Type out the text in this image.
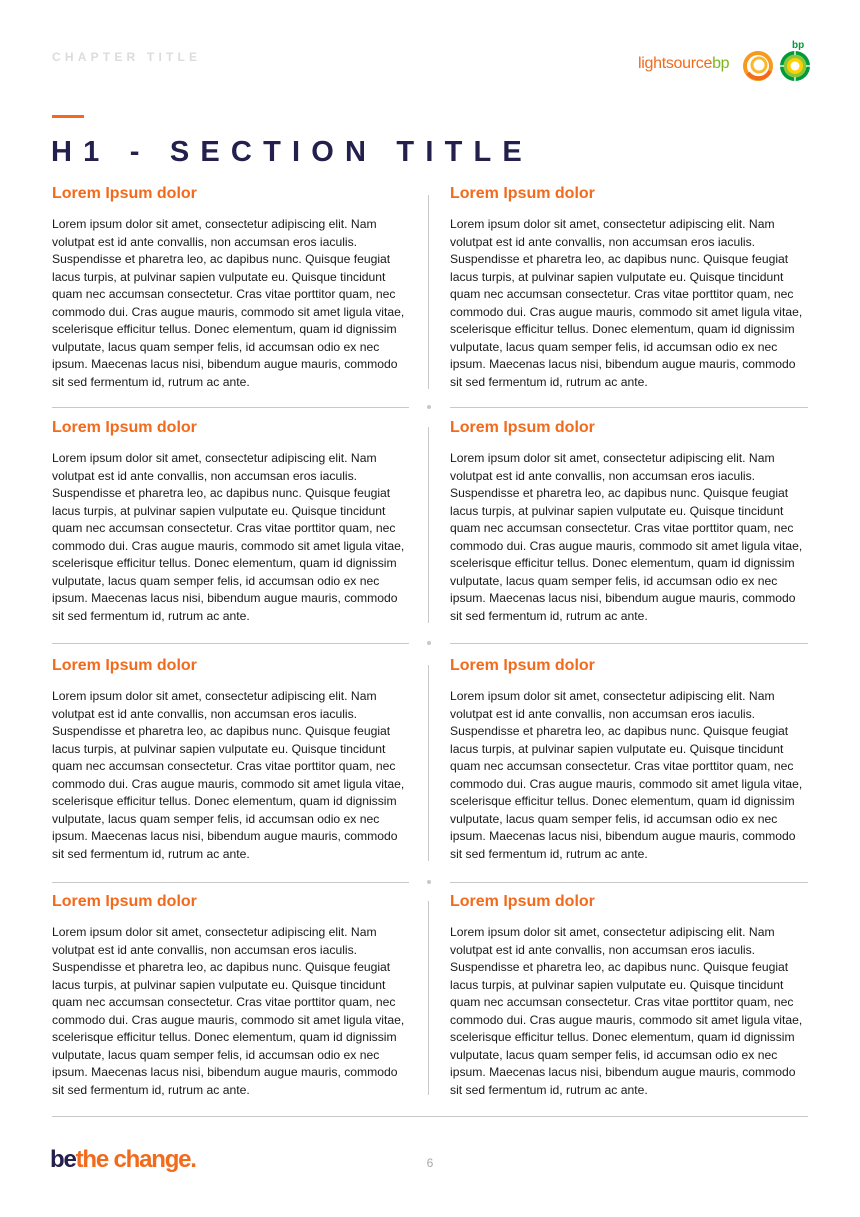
CHAPTER TITLE	lightsourcebp
bp
H1 - SECTION TITLE
Lorem Ipsum dolor

Lorem ipsum dolor sit amet, consectetur adipiscing elit. Nam volutpat est id ante convallis, non accumsan eros iaculis. Suspendisse et pharetra leo, ac dapibus nunc. Quisque feugiat lacus turpis, at pulvinar sapien vulputate eu. Quisque tincidunt quam nec accumsan consectetur. Cras vitae porttitor quam, nec commodo dui. Cras augue mauris, commodo sit amet ligula vitae, scelerisque efficitur tellus. Donec elementum, quam id dignissim vulputate, lacus quam semper felis, id accumsan odio ex nec ipsum. Maecenas lacus nisi, bibendum augue mauris, commodo sit sed fermentum id, rutrum ac ante.

Lorem Ipsum dolor

Lorem ipsum dolor sit amet, consectetur adipiscing elit. Nam volutpat est id ante convallis, non accumsan eros iaculis. Suspendisse et pharetra leo, ac dapibus nunc. Quisque feugiat lacus turpis, at pulvinar sapien vulputate eu. Quisque tincidunt quam nec accumsan consectetur. Cras vitae porttitor quam, nec commodo dui. Cras augue mauris, commodo sit amet ligula vitae, scelerisque efficitur tellus. Donec elementum, quam id dignissim vulputate, lacus quam semper felis, id accumsan odio ex nec ipsum. Maecenas lacus nisi, bibendum augue mauris, commodo sit sed fermentum id, rutrum ac ante.

Lorem Ipsum dolor

Lorem ipsum dolor sit amet, consectetur adipiscing elit. Nam volutpat est id ante convallis, non accumsan eros iaculis. Suspendisse et pharetra leo, ac dapibus nunc. Quisque feugiat lacus turpis, at pulvinar sapien vulputate eu. Quisque tincidunt quam nec accumsan consectetur. Cras vitae porttitor quam, nec commodo dui. Cras augue mauris, commodo sit amet ligula vitae, scelerisque efficitur tellus. Donec elementum, quam id dignissim vulputate, lacus quam semper felis, id accumsan odio ex nec ipsum. Maecenas lacus nisi, bibendum augue mauris, commodo sit sed fermentum id, rutrum ac ante.

Lorem Ipsum dolor

Lorem ipsum dolor sit amet, consectetur adipiscing elit. Nam volutpat est id ante convallis, non accumsan eros iaculis. Suspendisse et pharetra leo, ac dapibus nunc. Quisque feugiat lacus turpis, at pulvinar sapien vulputate eu. Quisque tincidunt quam nec accumsan consectetur. Cras vitae porttitor quam, nec commodo dui. Cras augue mauris, commodo sit amet ligula vitae, scelerisque efficitur tellus. Donec elementum, quam id dignissim vulputate, lacus quam semper felis, id accumsan odio ex nec ipsum. Maecenas lacus nisi, bibendum augue mauris, commodo sit sed fermentum id, rutrum ac ante.

Lorem Ipsum dolor

Lorem ipsum dolor sit amet, consectetur adipiscing elit. Nam volutpat est id ante convallis, non accumsan eros iaculis. Suspendisse et pharetra leo, ac dapibus nunc. Quisque feugiat lacus turpis, at pulvinar sapien vulputate eu. Quisque tincidunt quam nec accumsan consectetur. Cras vitae porttitor quam, nec commodo dui. Cras augue mauris, commodo sit amet ligula vitae, scelerisque efficitur tellus. Donec elementum, quam id dignissim vulputate, lacus quam semper felis, id accumsan odio ex nec ipsum. Maecenas lacus nisi, bibendum augue mauris, commodo sit sed fermentum id, rutrum ac ante.

Lorem Ipsum dolor

Lorem ipsum dolor sit amet, consectetur adipiscing elit. Nam volutpat est id ante convallis, non accumsan eros iaculis. Suspendisse et pharetra leo, ac dapibus nunc. Quisque feugiat lacus turpis, at pulvinar sapien vulputate eu. Quisque tincidunt quam nec accumsan consectetur. Cras vitae porttitor quam, nec commodo dui. Cras augue mauris, commodo sit amet ligula vitae, scelerisque efficitur tellus. Donec elementum, quam id dignissim vulputate, lacus quam semper felis, id accumsan odio ex nec ipsum. Maecenas lacus nisi, bibendum augue mauris, commodo sit sed fermentum id, rutrum ac ante.

Lorem Ipsum dolor

Lorem ipsum dolor sit amet, consectetur adipiscing elit. Nam volutpat est id ante convallis, non accumsan eros iaculis. Suspendisse et pharetra leo, ac dapibus nunc. Quisque feugiat lacus turpis, at pulvinar sapien vulputate eu. Quisque tincidunt quam nec accumsan consectetur. Cras vitae porttitor quam, nec commodo dui. Cras augue mauris, commodo sit amet ligula vitae, scelerisque efficitur tellus. Donec elementum, quam id dignissim vulputate, lacus quam semper felis, id accumsan odio ex nec ipsum. Maecenas lacus nisi, bibendum augue mauris, commodo sit sed fermentum id, rutrum ac ante.

Lorem Ipsum dolor

Lorem ipsum dolor sit amet, consectetur adipiscing elit. Nam volutpat est id ante convallis, non accumsan eros iaculis. Suspendisse et pharetra leo, ac dapibus nunc. Quisque feugiat lacus turpis, at pulvinar sapien vulputate eu. Quisque tincidunt quam nec accumsan consectetur. Cras vitae porttitor quam, nec commodo dui. Cras augue mauris, commodo sit amet ligula vitae, scelerisque efficitur tellus. Donec elementum, quam id dignissim vulputate, lacus quam semper felis, id accumsan odio ex nec ipsum. Maecenas lacus nisi, bibendum augue mauris, commodo sit sed fermentum id, rutrum ac ante.

bethe change.	6
